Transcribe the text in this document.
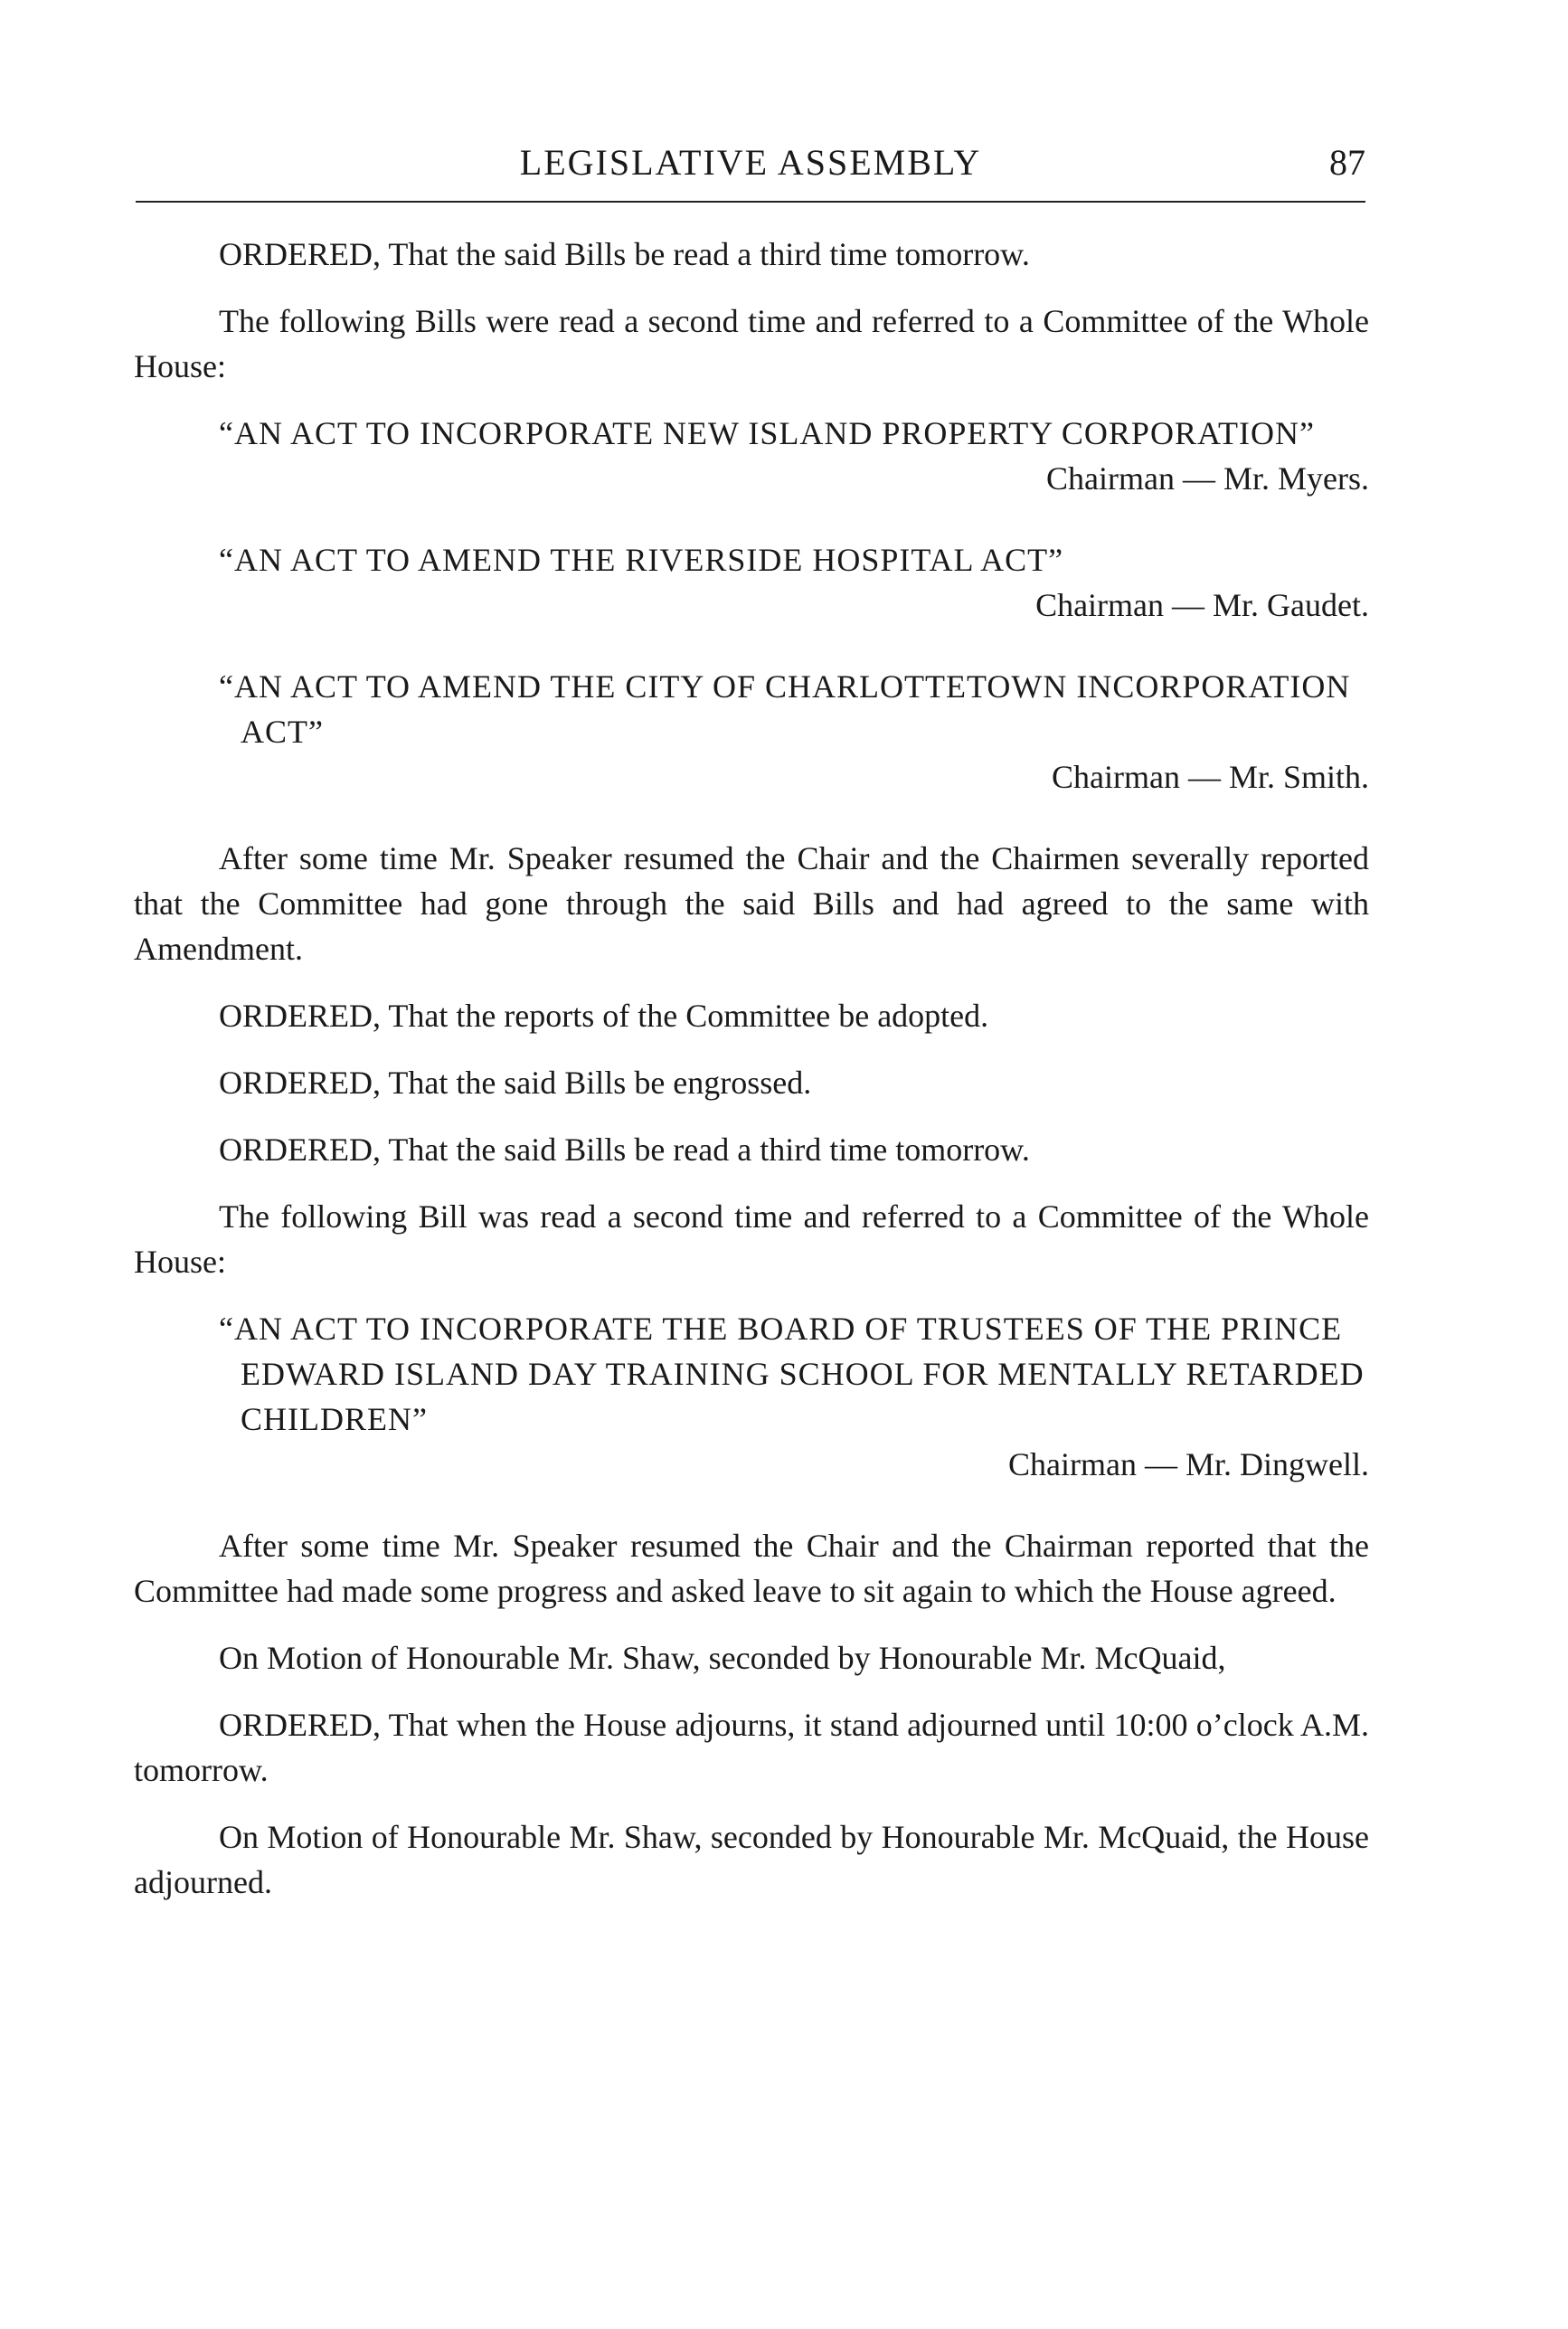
LEGISLATIVE ASSEMBLY	87

ORDERED, That the said Bills be read a third time tomorrow.

The following Bills were read a second time and referred to a Committee of the Whole House:

“AN ACT TO INCORPORATE NEW ISLAND PROPERTY CORPORATION”
Chairman — Mr. Myers.
“AN ACT TO AMEND THE RIVERSIDE HOSPITAL ACT”
Chairman — Mr. Gaudet.
“AN ACT TO AMEND THE CITY OF CHARLOTTETOWN INCORPORATION ACT”
Chairman — Mr. Smith.

After some time Mr. Speaker resumed the Chair and the Chairmen severally reported that the Committee had gone through the said Bills and had agreed to the same with Amendment.

ORDERED, That the reports of the Committee be adopted.

ORDERED, That the said Bills be engrossed.

ORDERED, That the said Bills be read a third time tomorrow.

The following Bill was read a second time and referred to a Committee of the Whole House:

“AN ACT TO INCORPORATE THE BOARD OF TRUSTEES OF THE PRINCE EDWARD ISLAND DAY TRAINING SCHOOL FOR MENTALLY RETARDED CHILDREN”
Chairman — Mr. Dingwell.

After some time Mr. Speaker resumed the Chair and the Chairman reported that the Committee had made some progress and asked leave to sit again to which the House agreed.

On Motion of Honourable Mr. Shaw, seconded by Honourable Mr. McQuaid,

ORDERED, That when the House adjourns, it stand adjourned until 10:00 o’clock A.M. tomorrow.

On Motion of Honourable Mr. Shaw, seconded by Honourable Mr. McQuaid, the House adjourned.
